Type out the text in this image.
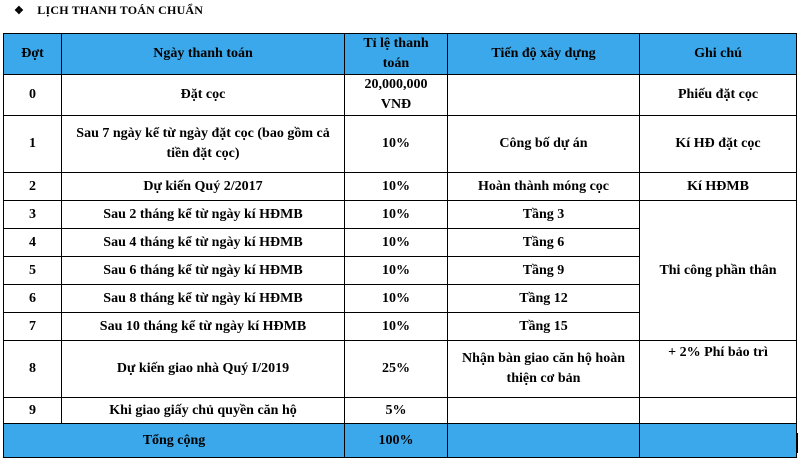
❖ LỊCH THANH TOÁN CHUẨN
Đợt	Ngày thanh toán	Tỉ lệ thanh toán	Tiến độ xây dựng	Ghi chú
0	Đặt cọc	20,000,000 VNĐ		Phiếu đặt cọc
1	Sau 7 ngày kể từ ngày đặt cọc (bao gồm cả tiền đặt cọc)	10%	Công bố dự án	Kí HĐ đặt cọc
2	Dự kiến Quý 2/2017	10%	Hoàn thành móng cọc	Kí HĐMB
3	Sau 2 tháng kể từ ngày kí HĐMB	10%	Tầng 3	Thi công phần thân
4	Sau 4 tháng kể từ ngày kí HĐMB	10%	Tầng 6	
5	Sau 6 tháng kể từ ngày kí HĐMB	10%	Tầng 9	
6	Sau 8 tháng kể từ ngày kí HĐMB	10%	Tầng 12	
7	Sau 10 tháng kể từ ngày kí HĐMB	10%	Tầng 15	
8	Dự kiến giao nhà Quý I/2019	25%	Nhận bàn giao căn hộ hoàn thiện cơ bản	+ 2% Phí bảo trì
9	Khi giao giấy chủ quyền căn hộ	5%		
Tổng cộng		100%		
